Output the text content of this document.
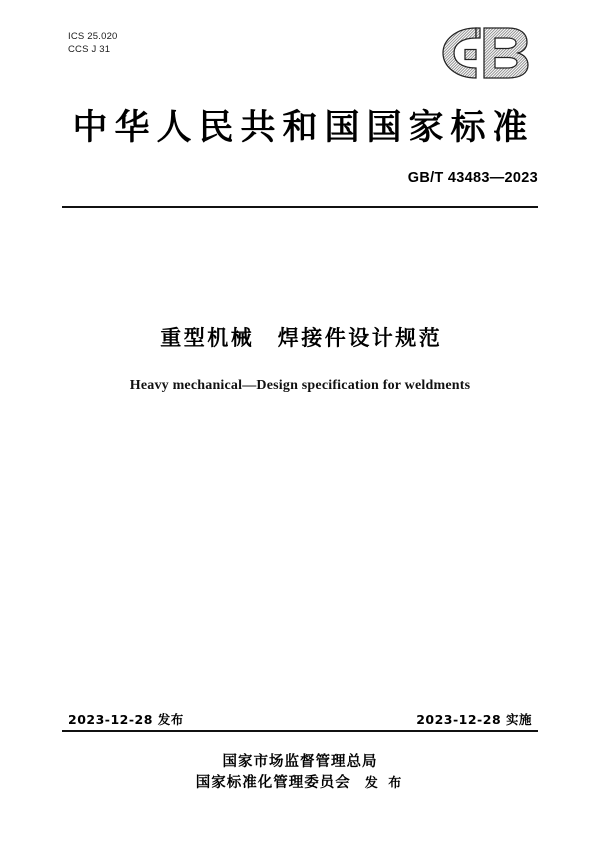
ICS 25.020
CCS J 31
中华人民共和国国家标准
GB/T 43483—2023
重型机械　焊接件设计规范
Heavy mechanical—Design specification for weldments
2023-12-28 发布	2023-12-28 实施
国家市场监督管理总局
国家标准化管理委员会 发 布
